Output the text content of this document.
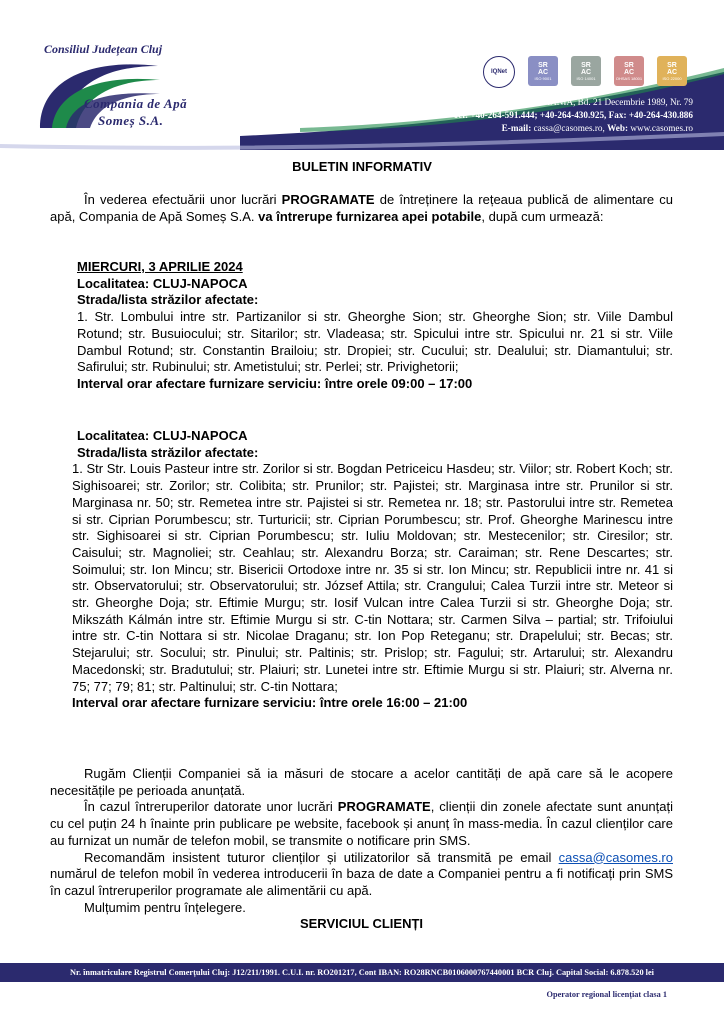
Consiliul Județean Cluj
Compania de Apă
Someș S.A.
IQNet
SR
AC
ISO 9001
SR
AC
ISO 14001
SR
AC
OHSAS 18001
SR
AC
ISO 22000
400603 Cluj-Napoca, ROMÂNIA, Bd. 21 Decembrie 1989, Nr. 79
Tel: +40-264-591.444; +40-264-430.925, Fax: +40-264-430.886
E-mail: cassa@casomes.ro, Web: www.casomes.ro
BULETIN INFORMATIV
În vederea efectuării unor lucrări PROGRAMATE de întreținere la rețeaua publică de alimentare cu apă, Compania de Apă Someș S.A. va întrerupe furnizarea apei potabile, după cum urmează:
MIERCURI, 3 APRILIE 2024
Localitatea: CLUJ-NAPOCA
Strada/lista străzilor afectate:
1. Str. Lombului intre str. Partizanilor si str. Gheorghe Sion; str. Gheorghe Sion; str. Viile Dambul Rotund; str. Busuiocului; str. Sitarilor; str. Vladeasa; str. Spicului intre str. Spicului nr. 21 si str. Viile Dambul Rotund; str. Constantin Brailoiu; str. Dropiei; str. Cucului; str. Dealului; str. Diamantului; str. Safirului; str. Rubinului; str. Ametistului; str. Perlei; str. Privighetorii;
Interval orar afectare furnizare serviciu: între orele 09:00 – 17:00
Localitatea: CLUJ-NAPOCA
Strada/lista străzilor afectate:
1. Str Str. Louis Pasteur intre str. Zorilor si str. Bogdan Petriceicu Hasdeu; str. Viilor; str. Robert Koch; str. Sighisoarei; str. Zorilor; str. Colibita; str. Prunilor; str. Pajistei; str. Marginasa intre str. Prunilor si str. Marginasa nr. 50; str. Remetea intre str. Pajistei si str. Remetea nr. 18; str. Pastorului intre str. Remetea si str. Ciprian Porumbescu; str. Turturicii; str. Ciprian Porumbescu; str. Prof. Gheorghe Marinescu intre str. Sighisoarei si str. Ciprian Porumbescu; str. Iuliu Moldovan; str. Mestecenilor; str. Ciresilor; str. Caisului; str. Magnoliei; str. Ceahlau; str. Alexandru Borza; str. Caraiman; str. Rene Descartes; str. Soimului; str. Ion Mincu; str. Bisericii Ortodoxe intre nr. 35 si str. Ion Mincu; str. Republicii intre nr. 41 si str. Observatorului; str. Observatorului; str. József Attila; str. Crangului; Calea Turzii intre str. Meteor si str. Gheorghe Doja; str. Eftimie Murgu; str. Iosif Vulcan intre Calea Turzii si str. Gheorghe Doja; str. Mikszáth Kálmán intre str. Eftimie Murgu si str. C-tin Nottara; str. Carmen Silva – partial; str. Trifoiului intre str. C-tin Nottara si str. Nicolae Draganu; str. Ion Pop Reteganu; str. Drapelului; str. Becas; str. Stejarului; str. Socului; str. Pinului; str. Paltinis; str. Prislop; str. Fagului; str. Artarului; str. Alexandru Macedonski; str. Bradutului; str. Plaiuri; str. Lunetei intre str. Eftimie Murgu si str. Plaiuri; str. Alverna nr. 75; 77; 79; 81; str. Paltinului; str. C-tin Nottara;
Interval orar afectare furnizare serviciu: între orele 16:00 – 21:00
Rugăm Clienții Companiei să ia măsuri de stocare a acelor cantități de apă care să le acopere necesitățile pe perioada anunțată.
În cazul întreruperilor datorate unor lucrări PROGRAMATE, clienții din zonele afectate sunt anunțați cu cel puțin 24 h înainte prin publicare pe website, facebook și anunț în mass-media. În cazul clienților care au furnizat un număr de telefon mobil, se transmite o notificare prin SMS.
Recomandăm insistent tuturor clienților și utilizatorilor să transmită pe email cassa@casomes.ro numărul de telefon mobil în vederea introducerii în baza de date a Companiei pentru a fi notificați prin SMS în cazul întreruperilor programate ale alimentării cu apă.
Mulțumim pentru înțelegere.
SERVICIUL CLIENȚI
Nr. înmatriculare Registrul Comerțului Cluj: J12/211/1991. C.U.I. nr. RO201217, Cont IBAN: RO28RNCB0106000767440001 BCR Cluj. Capital Social: 6.878.520 lei
Operator regional licențiat clasa 1
